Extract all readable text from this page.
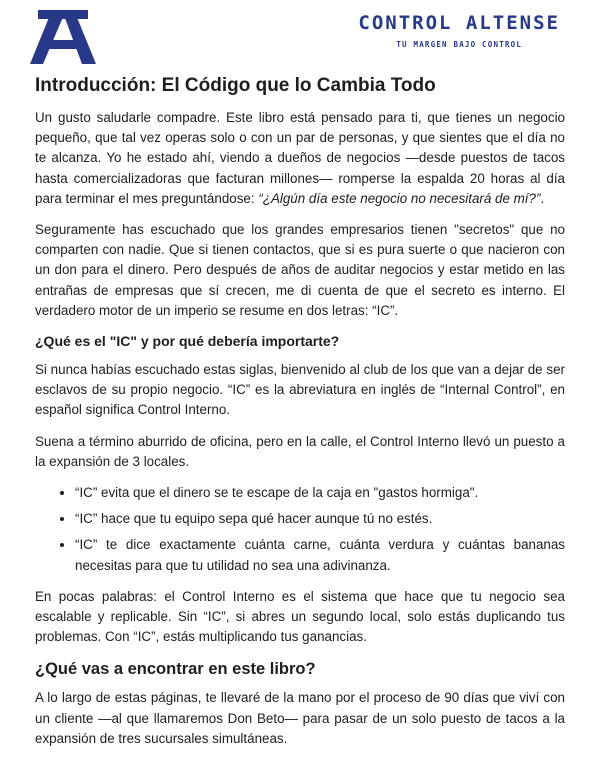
CONTROL ALTENSE
TU MARGEN BAJO CONTROL
Introducción: El Código que lo Cambia Todo

Un gusto saludarle compadre. Este libro está pensado para ti, que tienes un negocio pequeño, que tal vez operas solo o con un par de personas, y que sientes que el día no te alcanza. Yo he estado ahí, viendo a dueños de negocios —desde puestos de tacos hasta comercializadoras que facturan millones— romperse la espalda 20 horas al día para terminar el mes preguntándose: “¿Algún día este negocio no necesitará de mí?”.

Seguramente has escuchado que los grandes empresarios tienen "secretos" que no comparten con nadie. Que si tienen contactos, que si es pura suerte o que nacieron con un don para el dinero. Pero después de años de auditar negocios y estar metido en las entrañas de empresas que sí crecen, me di cuenta de que el secreto es interno. El verdadero motor de un imperio se resume en dos letras: “IC”.

¿Qué es el "IC" y por qué debería importarte?

Si nunca habías escuchado estas siglas, bienvenido al club de los que van a dejar de ser esclavos de su propio negocio. “IC” es la abreviatura en inglés de “Internal Control”, en español significa Control Interno.

Suena a término aburrido de oficina, pero en la calle, el Control Interno llevó un puesto a la expansión de 3 locales.

• “IC” evita que el dinero se te escape de la caja en "gastos hormiga".
• “IC” hace que tu equipo sepa qué hacer aunque tú no estés.
• “IC” te dice exactamente cuánta carne, cuánta verdura y cuántas bananas necesitas para que tu utilidad no sea una adivinanza.

En pocas palabras: el Control Interno es el sistema que hace que tu negocio sea escalable y replicable. Sin “IC”, si abres un segundo local, solo estás duplicando tus problemas. Con “IC”, estás multiplicando tus ganancias.

¿Qué vas a encontrar en este libro?

A lo largo de estas páginas, te llevaré de la mano por el proceso de 90 días que viví con un cliente —al que llamaremos Don Beto— para pasar de un solo puesto de tacos a la expansión de tres sucursales simultáneas.
